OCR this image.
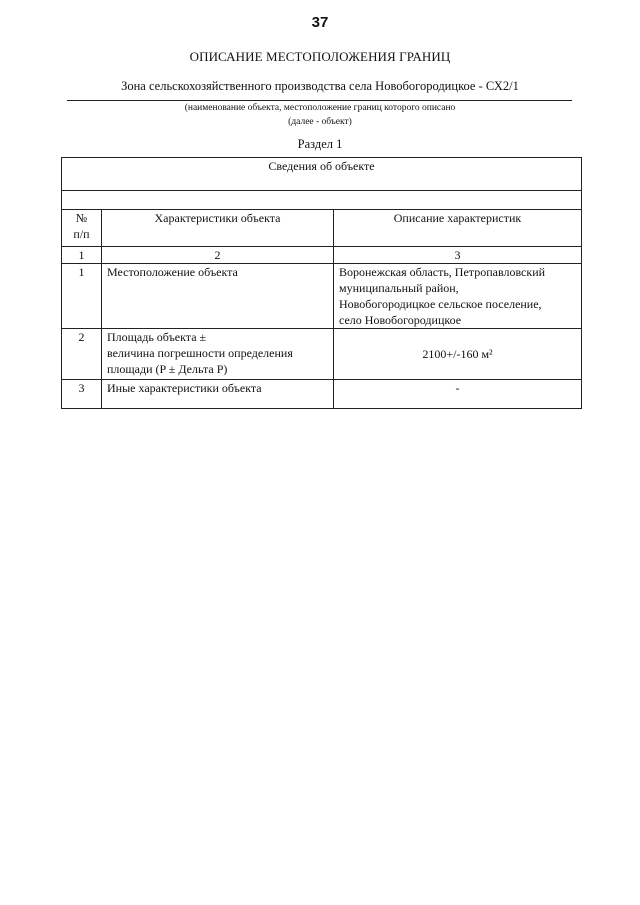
37
ОПИСАНИЕ МЕСТОПОЛОЖЕНИЯ ГРАНИЦ
Зона сельскохозяйственного производства села Новобогородицкое - СХ2/1
(наименование объекта, местоположение границ которого описано
(далее - объект)
Раздел 1
Сведения об объекте		

№
п/п	Характеристики объекта	Описание характеристик
1	2	3
1	Местоположение объекта	Воронежская область, Петропавловский
муниципальный район,
Новобогородицкое сельское поселение,
село Новобогородицкое
2	Площадь объекта ±
величина погрешности определения
площади (P ± Дельта P)	2100+/-160 м²
3	Иные характеристики объекта	-
